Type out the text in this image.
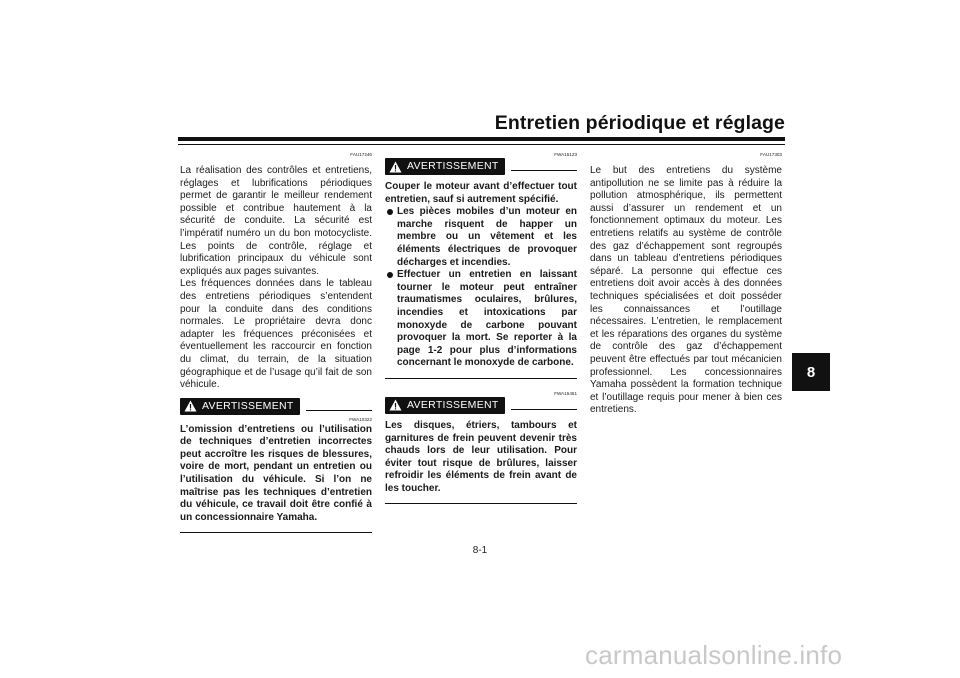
Entretien périodique et réglage
8
FAU17246

La réalisation des contrôles et entretiens, réglages et lubrifications périodiques permet de garantir le meilleur rendement possible et contribue hautement à la sécurité de conduite. La sécurité est l’impératif numéro un du bon motocycliste. Les points de contrôle, réglage et lubrification principaux du véhicule sont expliqués aux pages suivantes.

Les fréquences données dans le tableau des entretiens périodiques s’entendent pour la conduite dans des conditions normales. Le propriétaire devra donc adapter les fréquences préconisées et éventuellement les raccourcir en fonction du climat, du terrain, de la situation géographique et de l’usage qu’il fait de son véhicule.

AVERTISSEMENT
FWA10322

L’omission d’entretiens ou l’utilisation de techniques d’entretien incorrectes peut accroître les risques de blessures, voire de mort, pendant un entretien ou l’utilisation du véhicule. Si l’on ne maîtrise pas les techniques d’entretien du véhicule, ce travail doit être confié à un concessionnaire Yamaha.

FWA15123
AVERTISSEMENT

Couper le moteur avant d’effectuer tout entretien, sauf si autrement spécifié.

Les pièces mobiles d’un moteur en marche risquent de happer un membre ou un vêtement et les éléments électriques de provoquer décharges et incendies.
Effectuer un entretien en laissant tourner le moteur peut entraîner traumatismes oculaires, brûlures, incendies et intoxications par monoxyde de carbone pouvant provoquer la mort. Se reporter à la page 1-2 pour plus d’informations concernant le monoxyde de carbone.
FWA15461
AVERTISSEMENT

Les disques, étriers, tambours et garnitures de frein peuvent devenir très chauds lors de leur utilisation. Pour éviter tout risque de brûlures, laisser refroidir les éléments de frein avant de les toucher.

FAU17303

Le but des entretiens du système antipollution ne se limite pas à réduire la pollution atmosphérique, ils permettent aussi d’assurer un rendement et un fonctionnement optimaux du moteur. Les entretiens relatifs au système de contrôle des gaz d’échappement sont regroupés dans un tableau d’entretiens périodiques séparé. La personne qui effectue ces entretiens doit avoir accès à des données techniques spécialisées et doit posséder les connaissances et l’outillage nécessaires. L’entretien, le remplacement et les réparations des organes du système de contrôle des gaz d’échappement peuvent être effectués par tout mécanicien professionnel. Les concessionnaires Yamaha possèdent la formation technique et l’outillage requis pour mener à bien ces entretiens.

8-1
carmanualsonline.info
